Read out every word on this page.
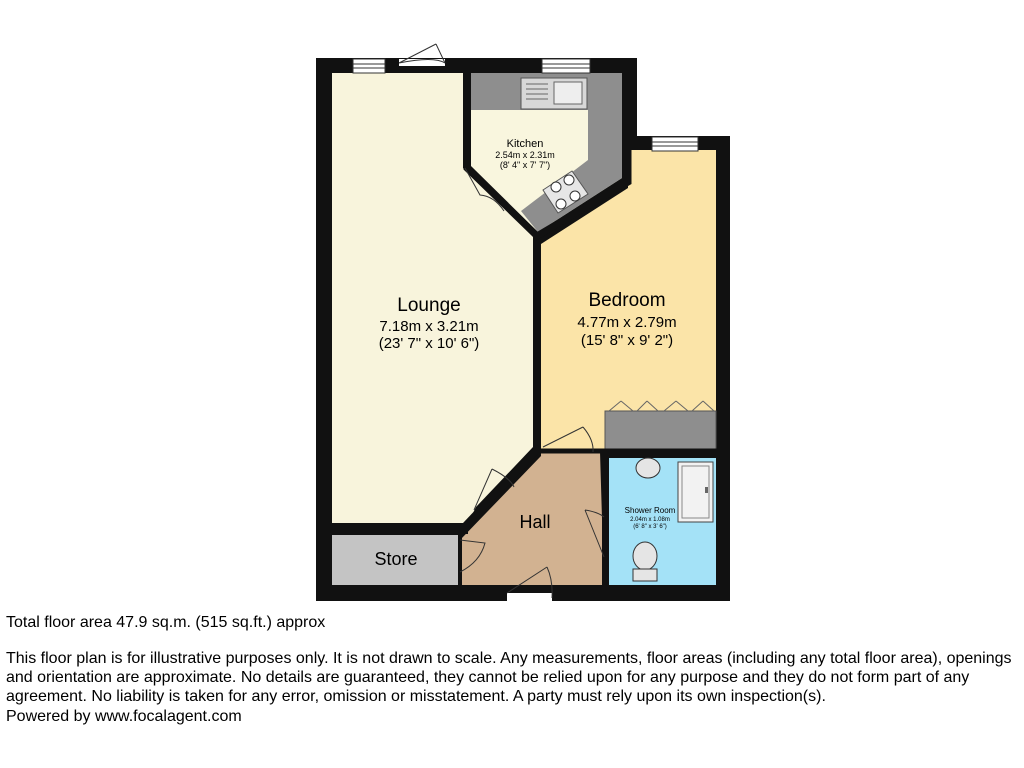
Lounge
7.18m x 3.21m
(23' 7" x 10' 6")
Kitchen
2.54m x 2.31m
(8' 4" x 7' 7")
Bedroom
4.77m x 2.79m
(15' 8" x 9' 2")
Shower Room
2.04m x 1.08m
(6' 8" x 3' 6")
Hall
Store

Total floor area 47.9 sq.m. (515 sq.ft.) approx

This floor plan is for illustrative purposes only. It is not drawn to scale. Any measurements, floor areas (including any total floor area), openings and orientation are approximate. No details are guaranteed, they cannot be relied upon for any purpose and they do not form part of any agreement. No liability is taken for any error, omission or misstatement. A party must rely upon its own inspection(s).

Powered by www.focalagent.com
